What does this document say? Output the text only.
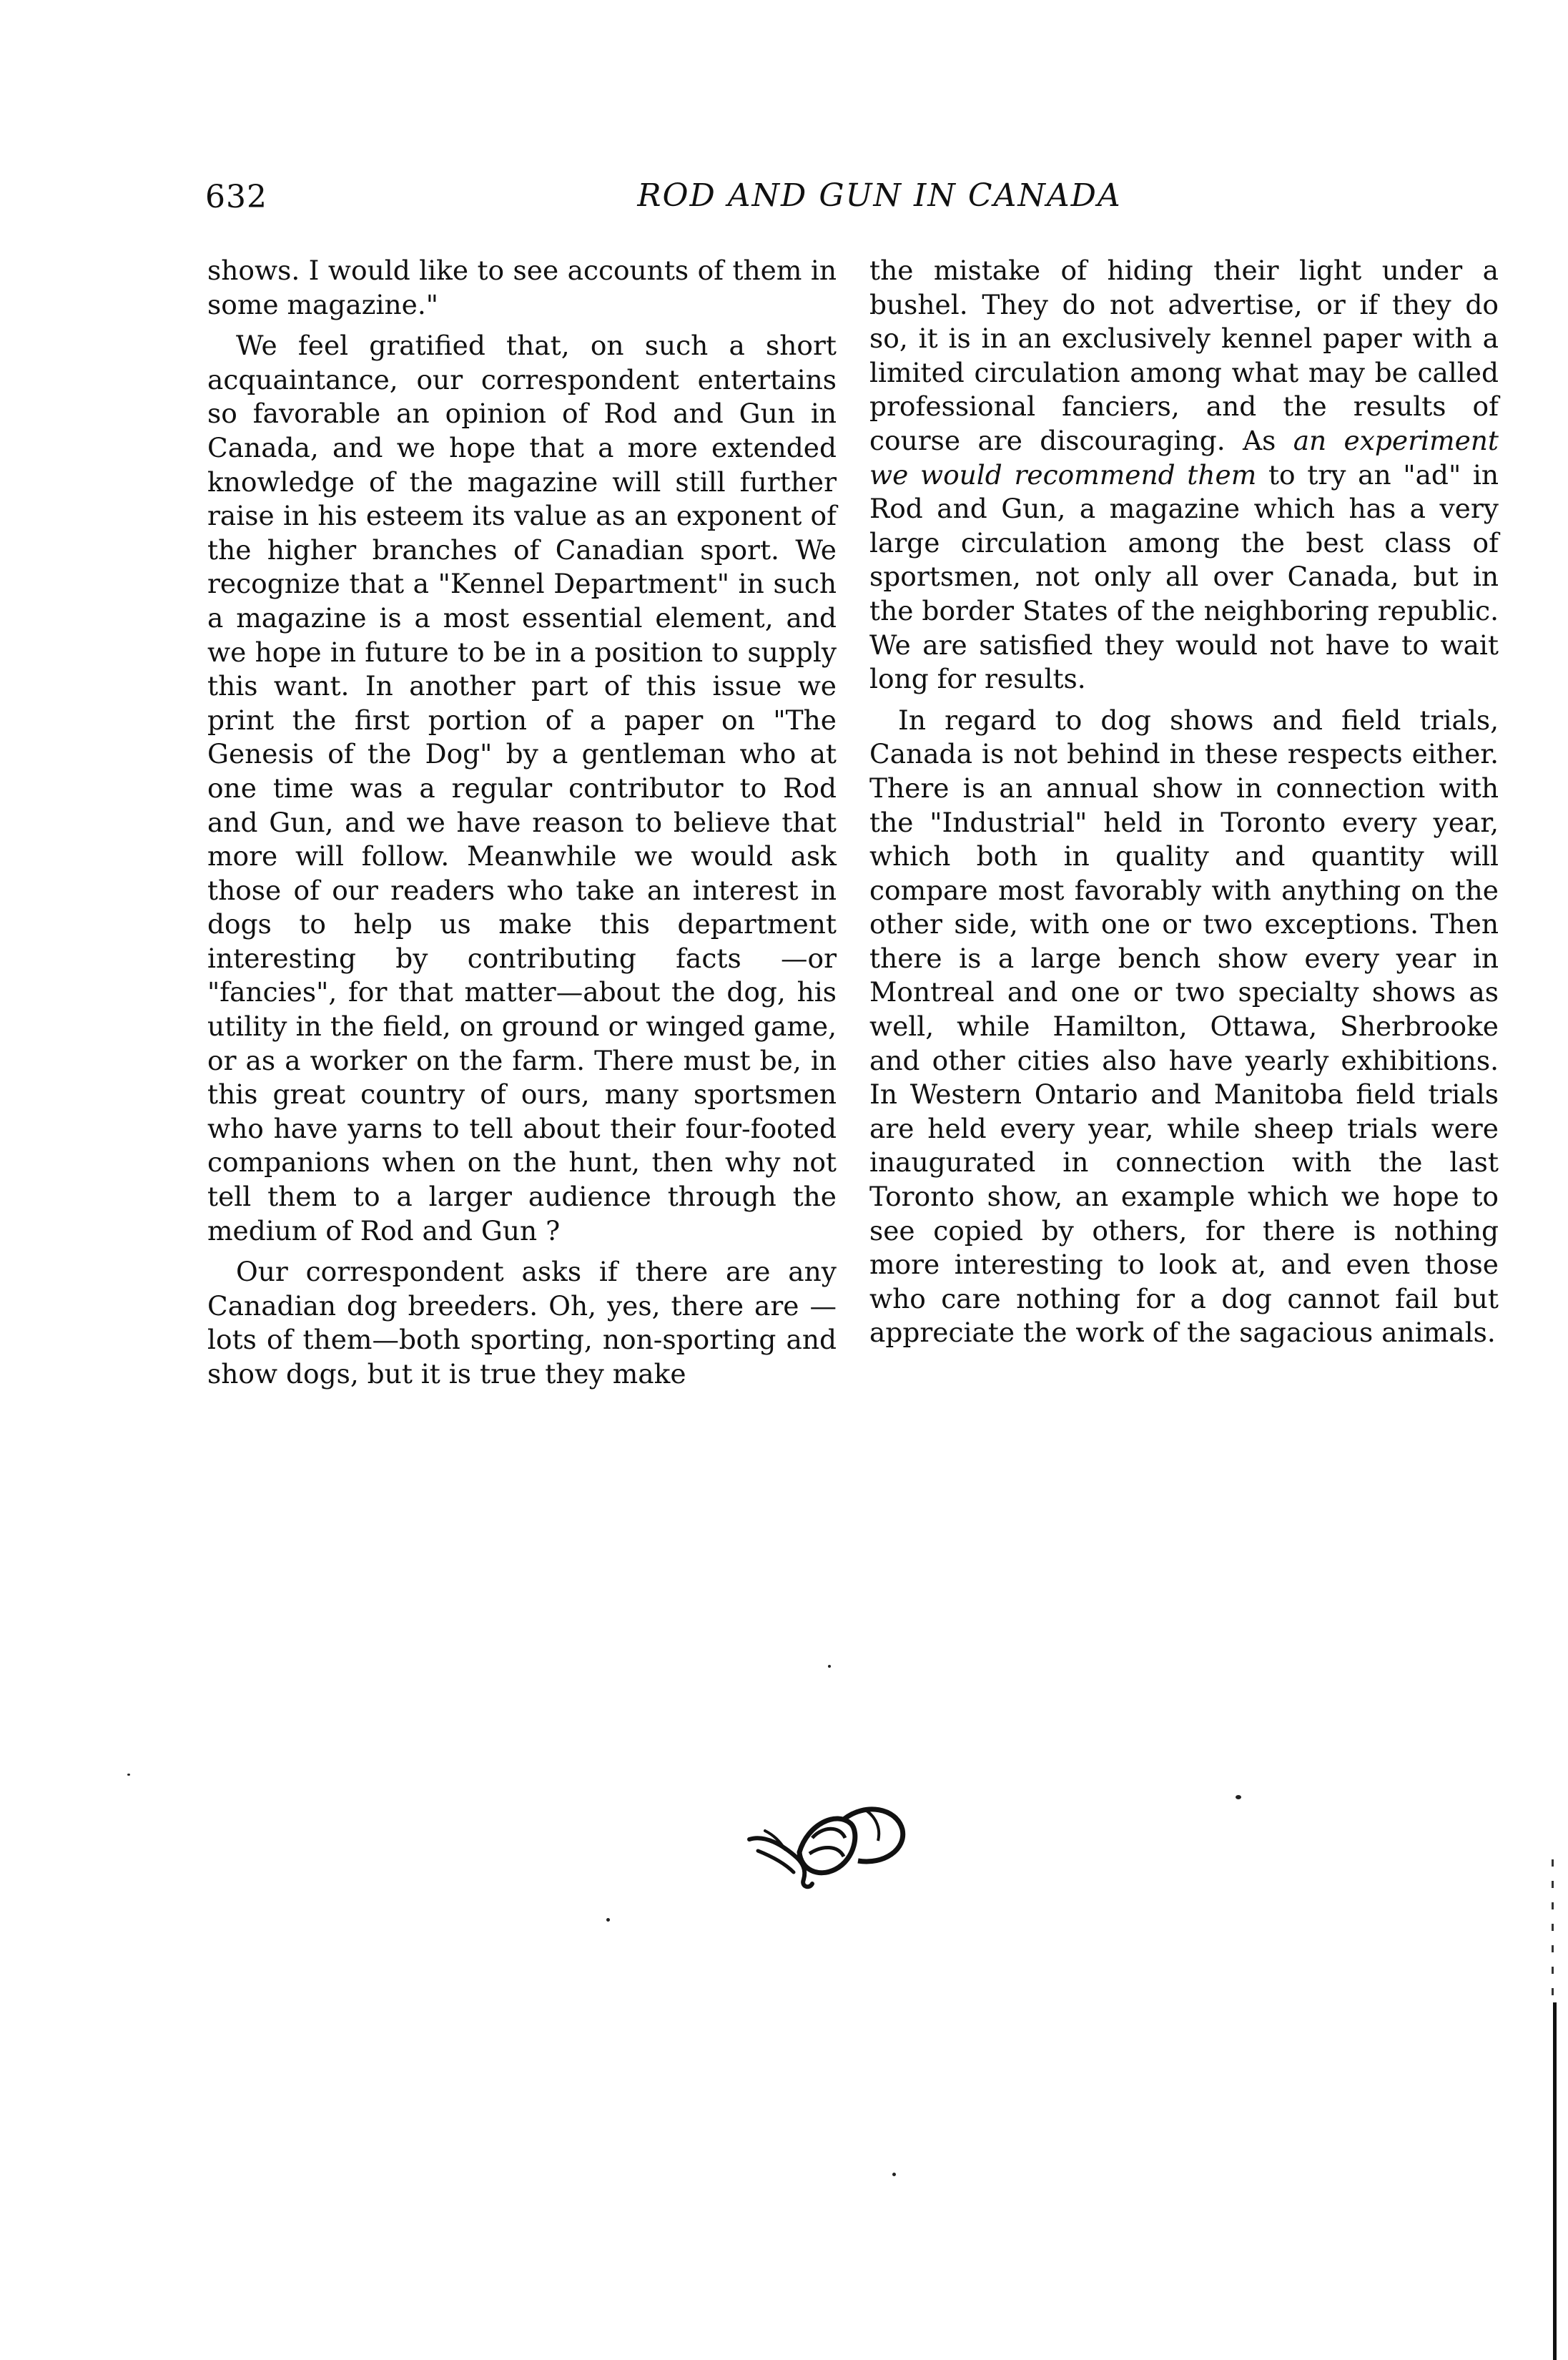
632	ROD AND GUN IN CANADA

shows. I would like to see accounts of them in some magazine."

We feel gratified that, on such a short acquaintance, our correspondent entertains so favorable an opinion of Rod and Gun in Canada, and we hope that a more extended knowledge of the magazine will still further raise in his esteem its value as an exponent of the higher branches of Canadian sport. We recognize that a "Kennel Department" in such a magazine is a most essential element, and we hope in future to be in a position to supply this want. In another part of this issue we print the first portion of a paper on "The Genesis of the Dog" by a gentleman who at one time was a regular contributor to Rod and Gun, and we have reason to believe that more will follow. Meanwhile we would ask those of our readers who take an interest in dogs to help us make this department interesting by contributing facts —or "fancies", for that matter—about the dog, his utility in the field, on ground or winged game, or as a worker on the farm. There must be, in this great country of ours, many sportsmen who have yarns to tell about their four-footed companions when on the hunt, then why not tell them to a larger audience through the medium of Rod and Gun ?

Our correspondent asks if there are any Canadian dog breeders. Oh, yes, there are —lots of them—both sporting, non-sporting and show dogs, but it is true they make

the mistake of hiding their light under a bushel. They do not advertise, or if they do so, it is in an exclusively kennel paper with a limited circulation among what may be called professional fanciers, and the results of course are discouraging. As an experiment we would recommend them to try an "ad" in Rod and Gun, a magazine which has a very large circulation among the best class of sportsmen, not only all over Canada, but in the border States of the neighboring republic. We are satisfied they would not have to wait long for results.

In regard to dog shows and field trials, Canada is not behind in these respects either. There is an annual show in connection with the "Industrial" held in Toronto every year, which both in quality and quantity will compare most favorably with anything on the other side, with one or two exceptions. Then there is a large bench show every year in Montreal and one or two specialty shows as well, while Hamilton, Ottawa, Sherbrooke and other cities also have yearly exhibitions. In Western Ontario and Manitoba field trials are held every year, while sheep trials were inaugurated in connection with the last Toronto show, an example which we hope to see copied by others, for there is nothing more interesting to look at, and even those who care nothing for a dog cannot fail but appreciate the work of the sagacious animals.
